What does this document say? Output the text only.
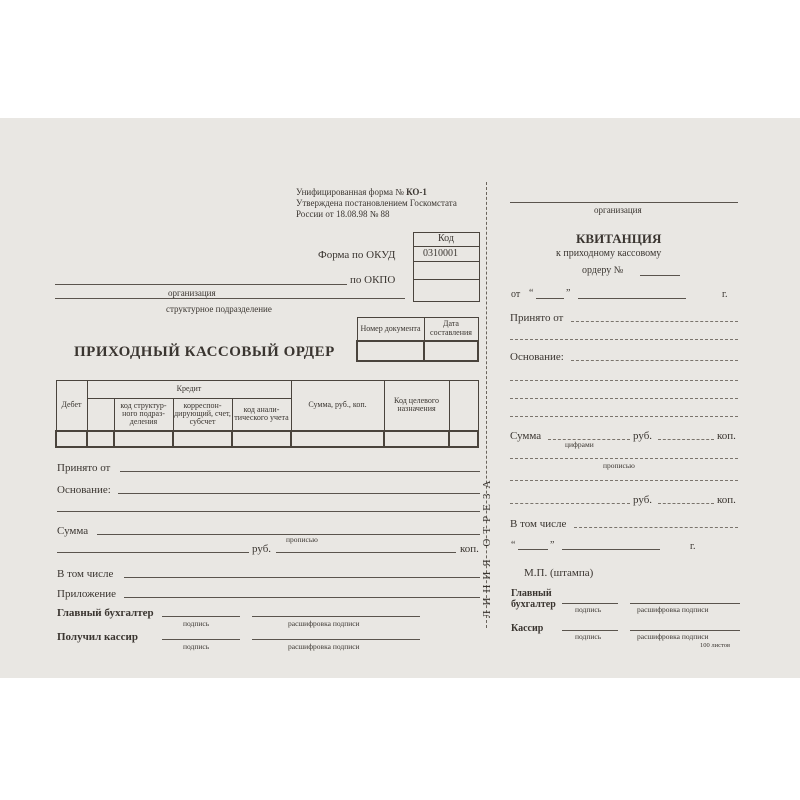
Унифицированная форма № КО-1
Утверждена постановлением Госкомстата
России от 18.08.98 № 88
Код
0310001
Форма по ОКУД
по ОКПО
организация
структурное подразделение
Номер документа	Дата составления

ПРИХОДНЫЙ КАССОВЫЙ ОРДЕР
Дебет	Кредит				Сумма, руб., коп.	Код целевого назначения	
		код структур-ного подраз-деления	корреспон-дирующий, счет, субсчет	код анали-тического учета			

Принято от
Основание:
Сумма
прописью
руб.	коп.
В том числе
Приложение
Главный бухгалтер
подпись	расшифровка подписи
Получил кассир
подпись	расшифровка подписи
ЛИНИЯ ОТРЕЗА
организация
КВИТАНЦИЯ
к приходному кассовому
ордеру №
от “	”	г.
Принято от
Основание:
Сумма
цифрами
руб.	коп.
прописью
руб.	коп.
В том числе
“	”	г.
М.П. (штампа)
Главный
бухгалтер	подпись	расшифровка подписи
Кассир
подпись	расшифровка подписи
100 листов
